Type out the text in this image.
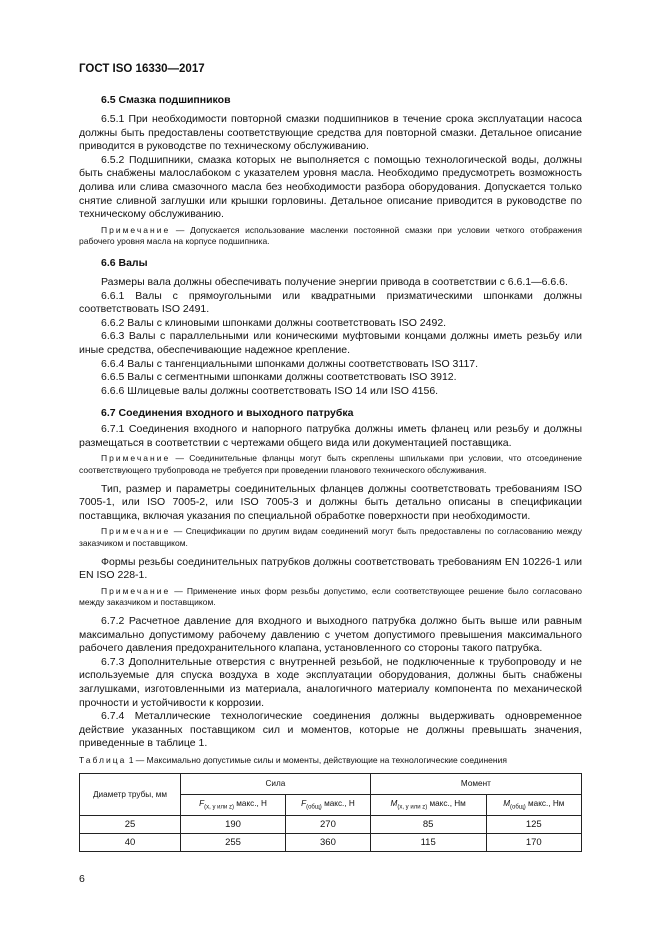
ГОСТ ISO 16330—2017

6.5 Смазка подшипников

6.5.1 При необходимости повторной смазки подшипников в течение срока эксплуатации насоса должны быть предоставлены соответствующие средства для повторной смазки. Детальное описание приводится в руководстве по техническому обслуживанию.

6.5.2 Подшипники, смазка которых не выполняется с помощью технологической воды, должны быть снабжены малослабоком с указателем уровня масла. Необходимо предусмотреть возможность долива или слива смазочного масла без необходимости разбора оборудования. Допускается только снятие сливной заглушки или крышки горловины. Детальное описание приводится в руководстве по техническому обслуживанию.

Примечание — Допускается использование масленки постоянной смазки при условии четкого отображения рабочего уровня масла на корпусе подшипника.

6.6 Валы

Размеры вала должны обеспечивать получение энергии привода в соответствии с 6.6.1—6.6.6.

6.6.1 Валы с прямоугольными или квадратными призматическими шпонками должны соответствовать ISO 2491.

6.6.2 Валы с клиновыми шпонками должны соответствовать ISO 2492.

6.6.3 Валы с параллельными или коническими муфтовыми концами должны иметь резьбу или иные средства, обеспечивающие надежное крепление.

6.6.4 Валы с тангенциальными шпонками должны соответствовать ISO 3117.

6.6.5 Валы с сегментными шпонками должны соответствовать ISO 3912.

6.6.6 Шлицевые валы должны соответствовать ISO 14 или ISO 4156.

6.7 Соединения входного и выходного патрубка

6.7.1 Соединения входного и напорного патрубка должны иметь фланец или резьбу и должны размещаться в соответствии с чертежами общего вида или документацией поставщика.

Примечание — Соединительные фланцы могут быть скреплены шпильками при условии, что отсоединение соответствующего трубопровода не требуется при проведении планового технического обслуживания.

Тип, размер и параметры соединительных фланцев должны соответствовать требованиям ISO 7005-1, или ISO 7005-2, или ISO 7005-3 и должны быть детально описаны в спецификации поставщика, включая указания по специальной обработке поверхности при необходимости.

Примечание — Спецификации по другим видам соединений могут быть предоставлены по согласованию между заказчиком и поставщиком.

Формы резьбы соединительных патрубков должны соответствовать требованиям EN 10226-1 или EN ISO 228-1.

Примечание — Применение иных форм резьбы допустимо, если соответствующее решение было согласовано между заказчиком и поставщиком.

6.7.2 Расчетное давление для входного и выходного патрубка должно быть выше или равным максимально допустимому рабочему давлению с учетом допустимого превышения максимального рабочего давления предохранительного клапана, установленного со стороны такого патрубка.

6.7.3 Дополнительные отверстия с внутренней резьбой, не подключенные к трубопроводу и не используемые для спуска воздуха в ходе эксплуатации оборудования, должны быть снабжены заглушками, изготовленными из материала, аналогичного материалу компонента по механической прочности и устойчивости к коррозии.

6.7.4 Металлические технологические соединения должны выдерживать одновременное действие указанных поставщиком сил и моментов, которые не должны превышать значения, приведенные в таблице 1.

Таблица 1 — Максимально допустимые силы и моменты, действующие на технологические соединения
Диаметр трубы, мм	Сила		Момент	
	$F_{(x, y или z)}$ макс., Н	$F_{(общ)}$ макс., Н	$M_{(x, y или z)}$ макс., Нм	$M_{(общ)}$ макс., Нм
25	190	270	85	125
40	255	360	115	170
6
